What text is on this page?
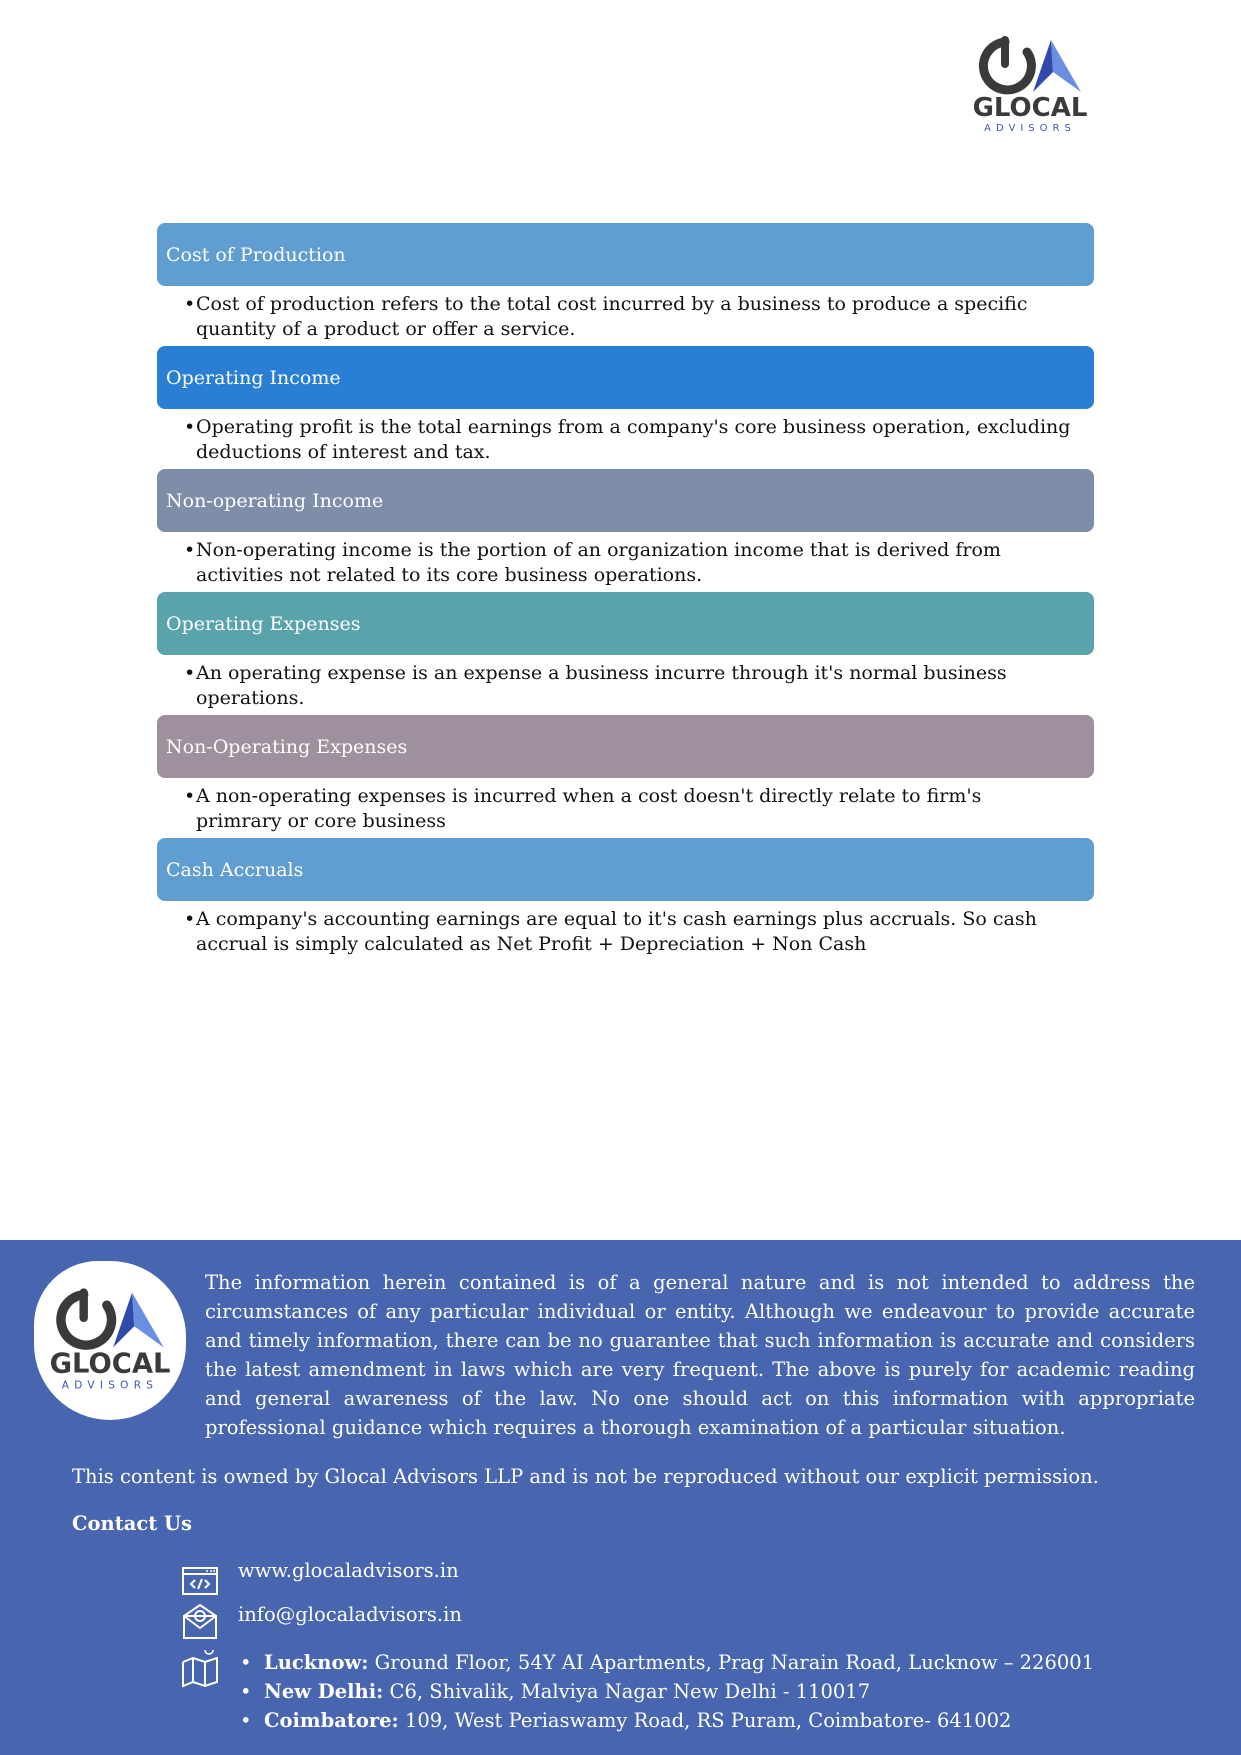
GLOCAL
ADVISORS
Cost of Production
• Cost of production refers to the total cost incurred by a business to produce a specific
quantity of a product or offer a service.
Operating Income
• Operating profit is the total earnings from a company's core business operation, excluding
deductions of interest and tax.
Non-operating Income
• Non-operating income is the portion of an organization income that is derived from
activities not related to its core business operations.
Operating Expenses
• An operating expense is an expense a business incurre through it's normal business
operations.
Non-Operating Expenses
• A non-operating expenses is incurred when a cost doesn't directly relate to firm's
primrary or core business
Cash Accruals
• A company's accounting earnings are equal to it's cash earnings plus accruals. So cash
accrual is simply calculated as Net Profit + Depreciation + Non Cash
GLOCAL
ADVISORS
The information herein contained is of a general nature and is not intended to address the circumstances of any particular individual or entity. Although we endeavour to provide accurate and timely information, there can be no guarantee that such information is accurate and considers the latest amendment in laws which are very frequent. The above is purely for academic reading and general awareness of the law. No one should act on this information with appropriate professional guidance which requires a thorough examination of a particular situation.
This content is owned by Glocal Advisors LLP and is not be reproduced without our explicit permission.
Contact Us
www.glocaladvisors.in
info@glocaladvisors.in
• Lucknow: Ground Floor, 54Y AI Apartments, Prag Narain Road, Lucknow – 226001
• New Delhi: C6, Shivalik, Malviya Nagar New Delhi - 110017
• Coimbatore: 109, West Periaswamy Road, RS Puram, Coimbatore- 641002
